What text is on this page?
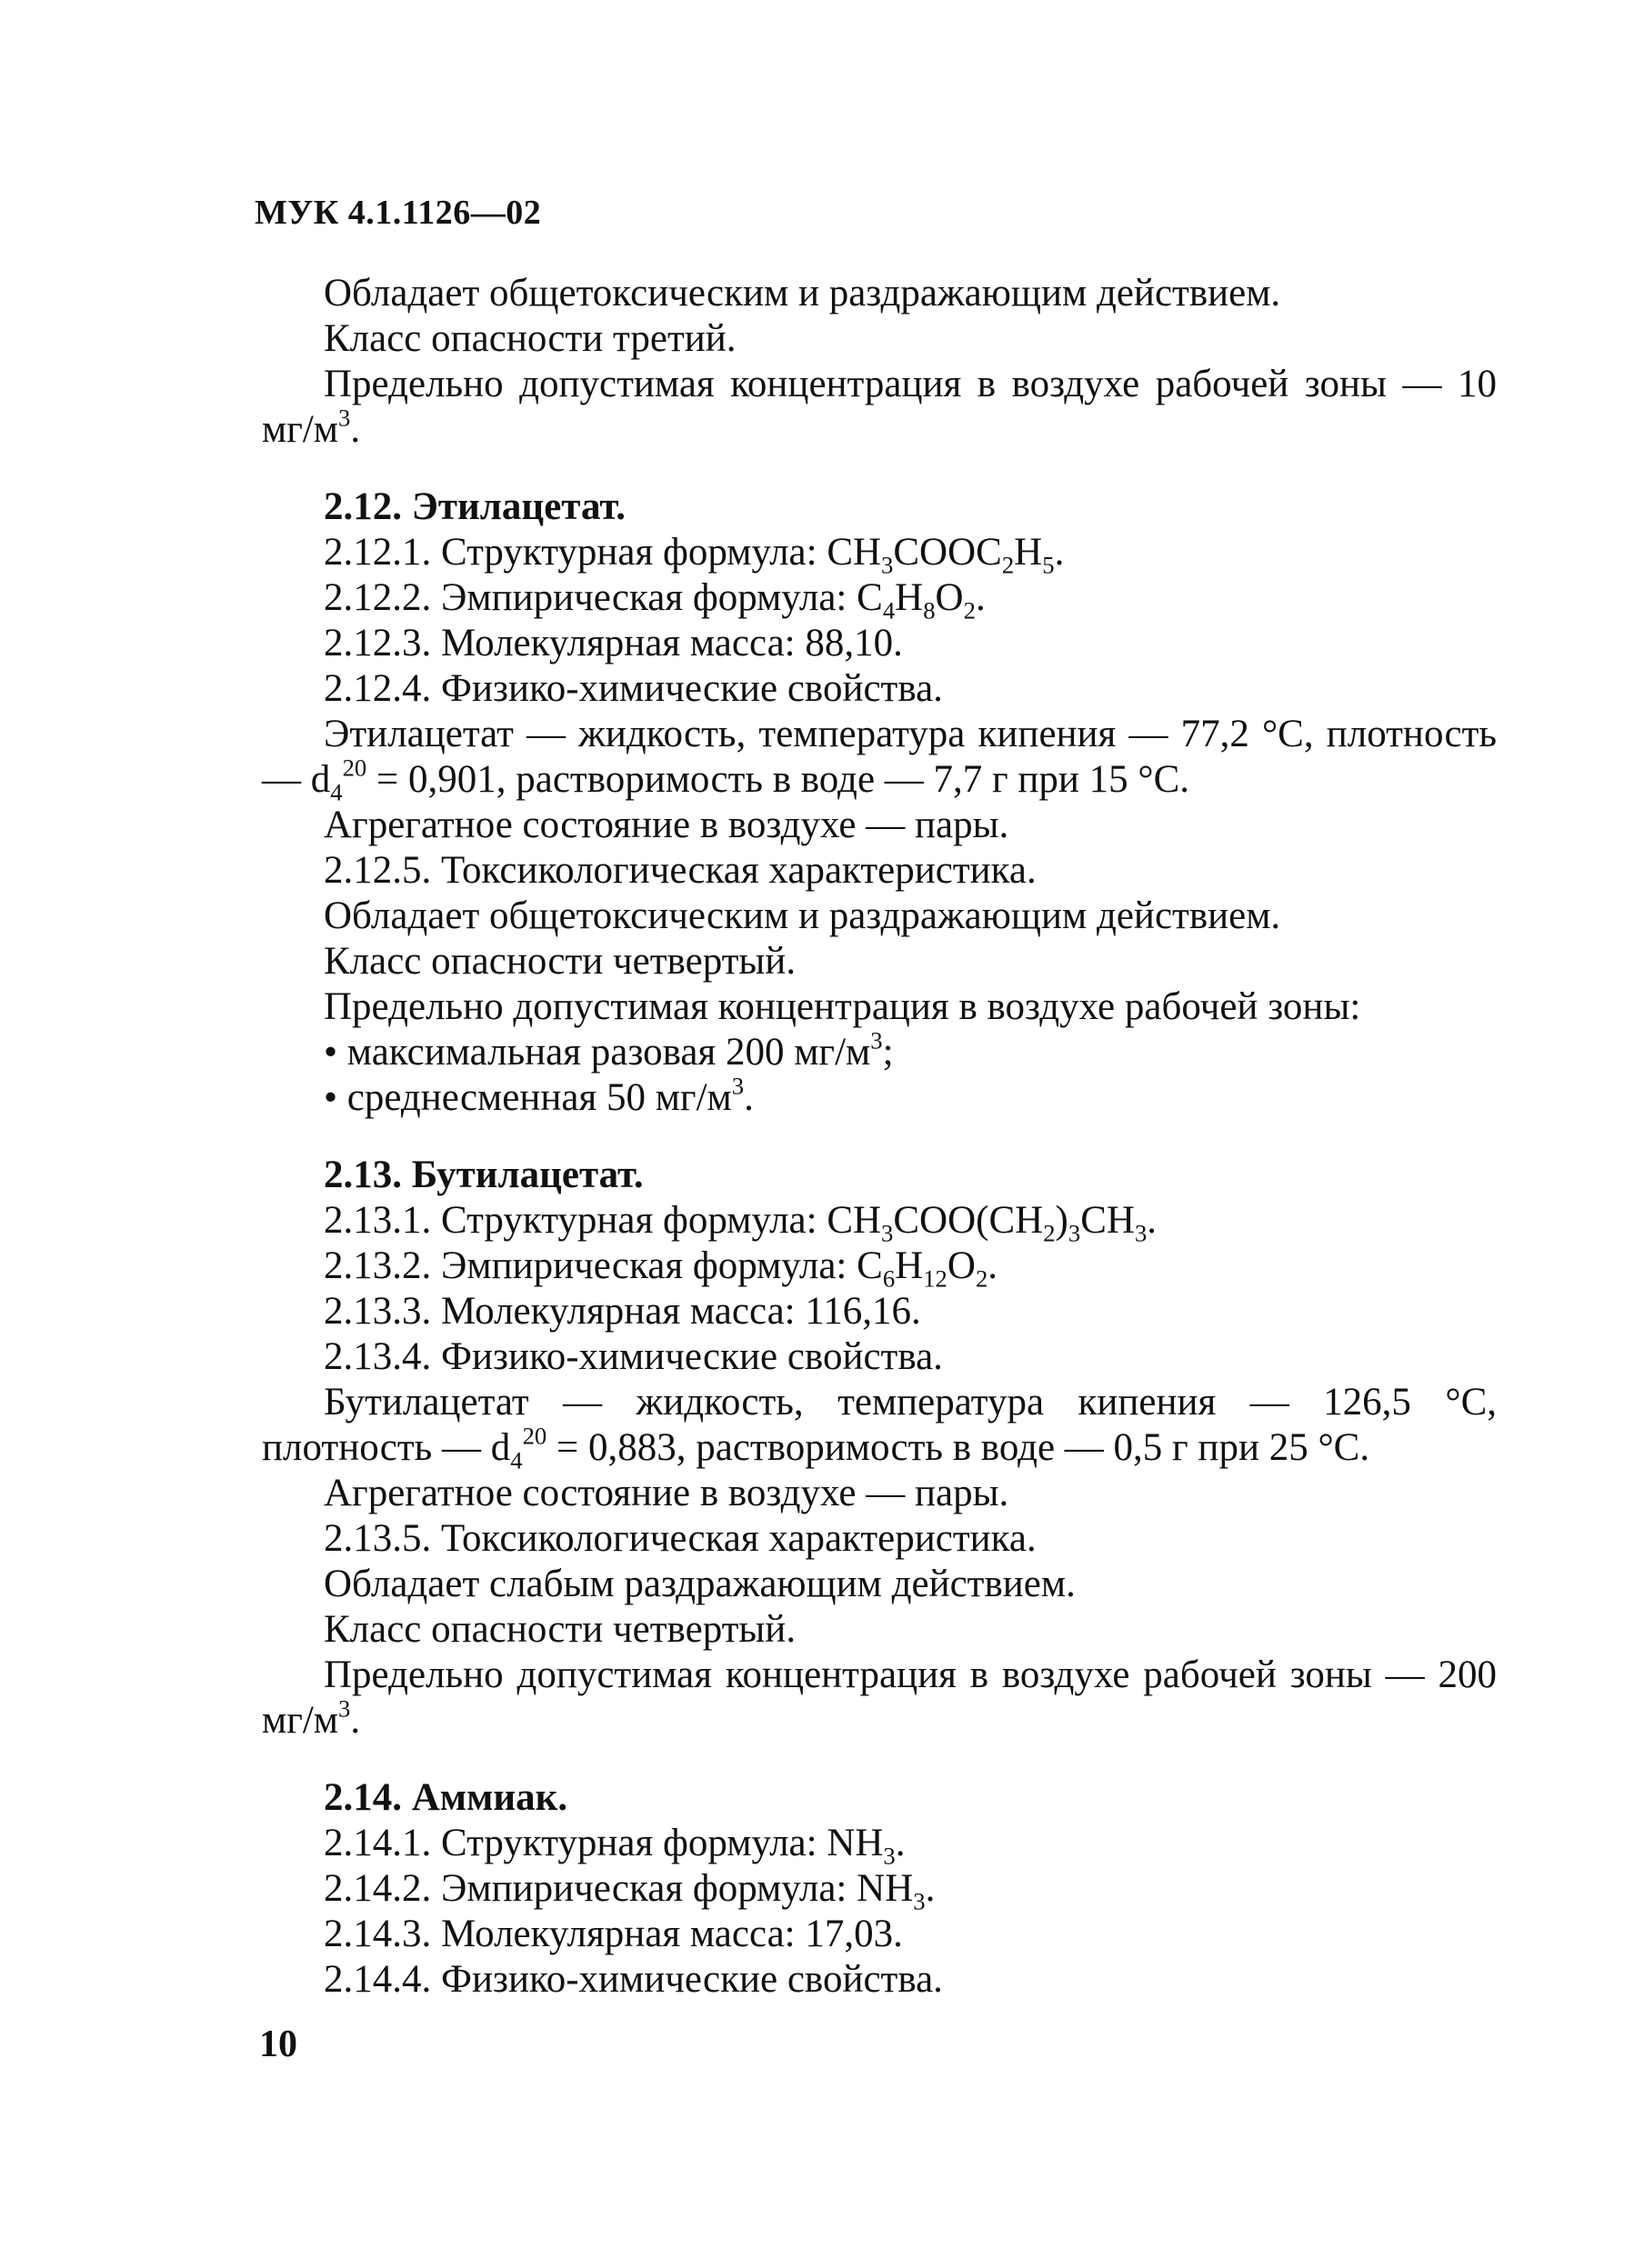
МУК 4.1.1126—02

Обладает общетоксическим и раздражающим действием.

Класс опасности третий.

Предельно допустимая концентрация в воздухе рабочей зоны — 10 $мг/м^3$.

2.12. Этилацетат.

2.12.1. Структурная формула: $CH_3COOC_2H_5$.

2.12.2. Эмпирическая формула: $C_4H_8O_2$.

2.12.3. Молекулярная масса: 88,10.

2.12.4. Физико-химические свойства.

Этилацетат — жидкость, температура кипения — 77,2 °С, плотность — $d_4^{20} = 0,901$, растворимость в воде — 7,7 г при 15 °С.

Агрегатное состояние в воздухе — пары.

2.12.5. Токсикологическая характеристика.

Обладает общетоксическим и раздражающим действием.

Класс опасности четвертый.

Предельно допустимая концентрация в воздухе рабочей зоны:

• максимальная разовая 200 $мг/м^3$;

• среднесменная 50 $мг/м^3$.

2.13. Бутилацетат.

2.13.1. Структурная формула: $CH_3COO(CH_2)_3CH_3$.

2.13.2. Эмпирическая формула: $C_6H_{12}O_2$.

2.13.3. Молекулярная масса: 116,16.

2.13.4. Физико-химические свойства.

Бутилацетат — жидкость, температура кипения — 126,5 °С, плотность — $d_4^{20} = 0,883$, растворимость в воде — 0,5 г при 25 °С.

Агрегатное состояние в воздухе — пары.

2.13.5. Токсикологическая характеристика.

Обладает слабым раздражающим действием.

Класс опасности четвертый.

Предельно допустимая концентрация в воздухе рабочей зоны — 200 $мг/м^3$.

2.14. Аммиак.

2.14.1. Структурная формула: $NH_3$.

2.14.2. Эмпирическая формула: $NH_3$.

2.14.3. Молекулярная масса: 17,03.

2.14.4. Физико-химические свойства.

10
